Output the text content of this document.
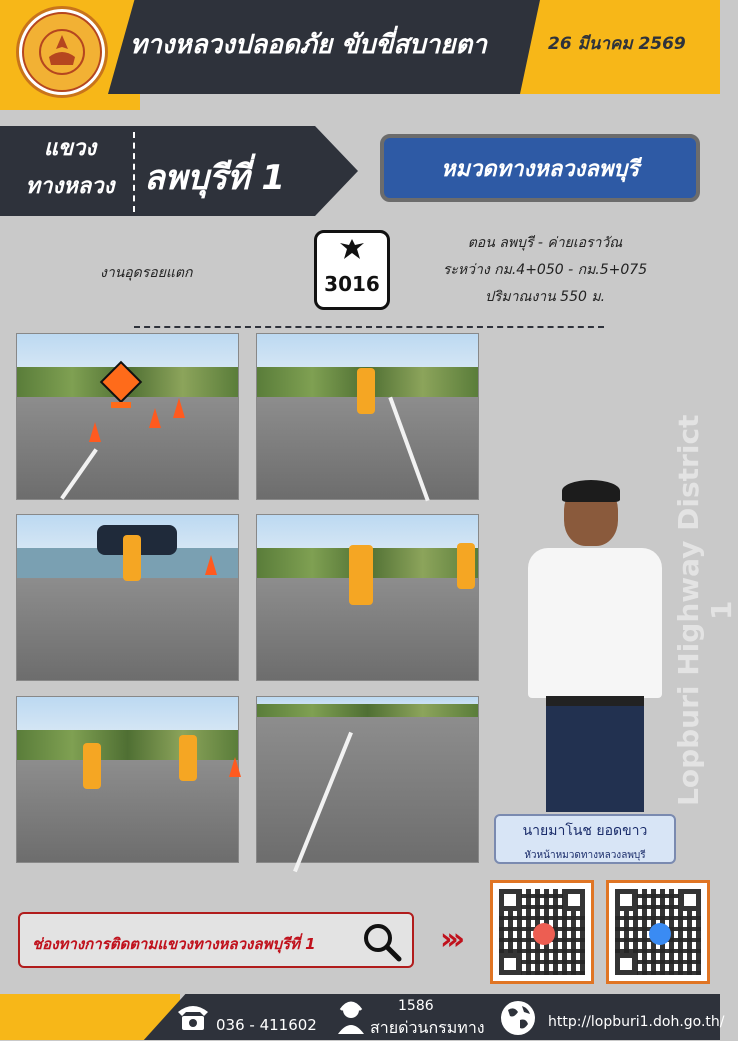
ทางหลวงปลอดภัย ขับขี่สบายตา	26 มีนาคม 2569
แขวง
ทางหลวง ลพบุรีที่ 1	หมวดทางหลวงลพบุรี
งานอุดรอยแตก	3016
ตอน ลพบุรี - ค่ายเอราวัณ
ระหว่าง กม.4+050 - กม.5+075
ปริมาณงาน 550 ม.
Lopburi Highway District 1
นายมาโนช ยอดขาว
หัวหน้าหมวดทางหลวงลพบุรี
ช่องทางการติดตามแขวงทางหลวงลพบุรีที่ 1	›››
036 - 411602
1586
สายด่วนกรมทาง	http://lopburi1.doh.go.th/
